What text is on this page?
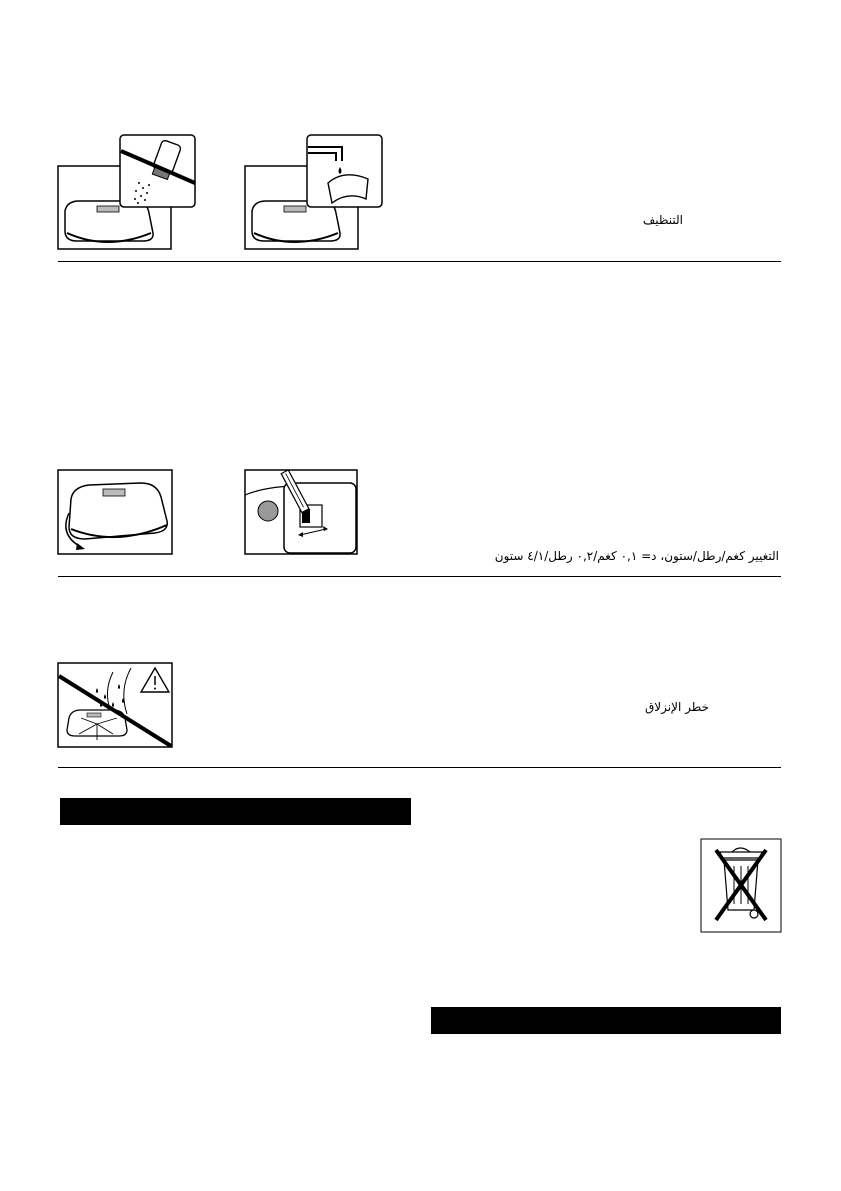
التنظيف
التغيير كغم/رطل/ستون، د= ٠,١ كغم/٠,٢ رطل/٤/١ ستون
خطر الإنزلاق
